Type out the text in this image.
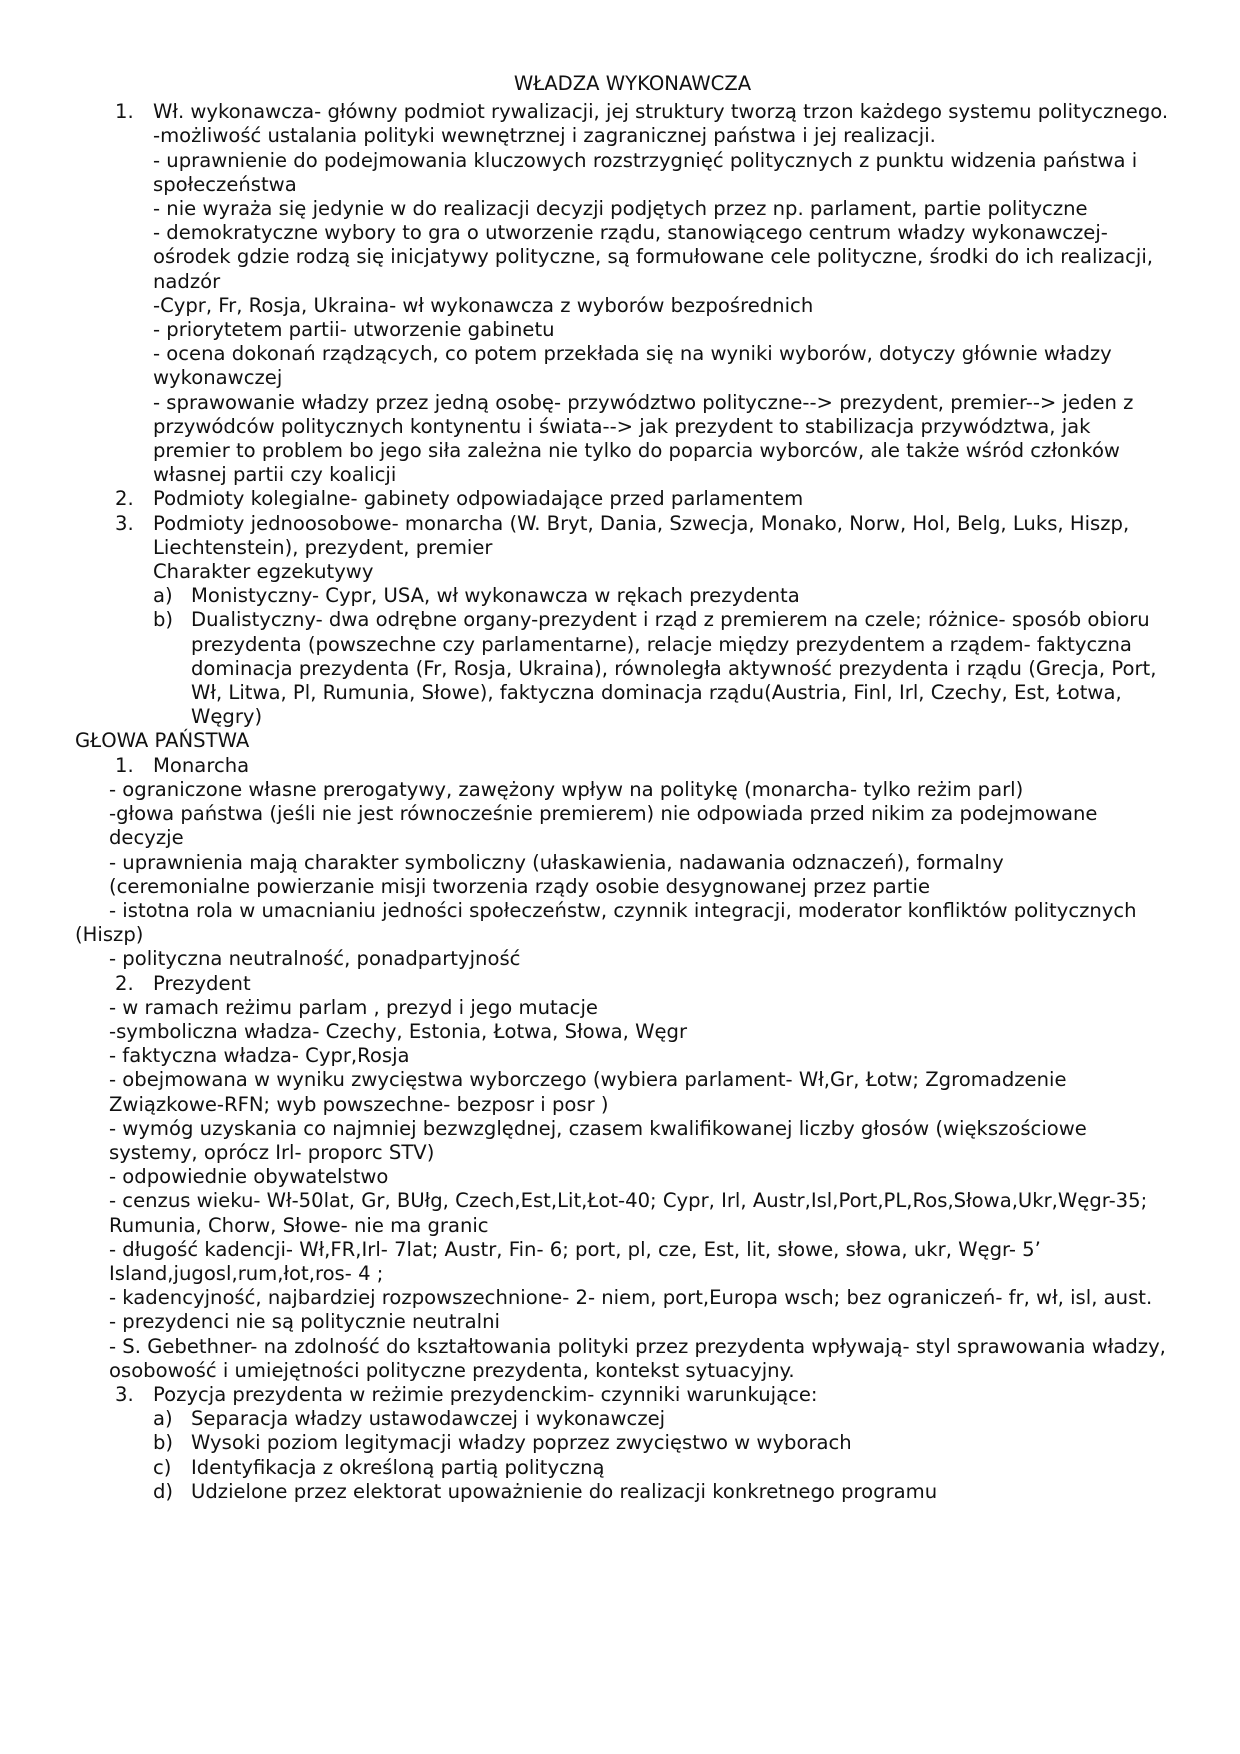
WŁADZA WYKONAWCZA
1. Wł. wykonawcza- główny podmiot rywalizacji, jej struktury tworzą trzon każdego systemu politycznego.

-możliwość ustalania polityki wewnętrznej i zagranicznej państwa i jej realizacji.

- uprawnienie do podejmowania kluczowych rozstrzygnięć politycznych z punktu widzenia państwa i społeczeństwa

- nie wyraża się jedynie w do realizacji decyzji podjętych przez np. parlament, partie polityczne

- demokratyczne wybory to gra o utworzenie rządu, stanowiącego centrum władzy wykonawczej- ośrodek gdzie rodzą się inicjatywy polityczne, są formułowane cele polityczne, środki do ich realizacji, nadzór

-Cypr, Fr, Rosja, Ukraina- wł wykonawcza z wyborów bezpośrednich

- priorytetem partii- utworzenie gabinetu

- ocena dokonań rządzących, co potem przekłada się na wyniki wyborów, dotyczy głównie władzy wykonawczej

- sprawowanie władzy przez jedną osobę- przywództwo polityczne--> prezydent, premier--> jeden z przywódców politycznych kontynentu i świata--> jak prezydent to stabilizacja przywództwa, jak premier to problem bo jego siła zależna nie tylko do poparcia wyborców, ale także wśród członków własnej partii czy koalicji

2. Podmioty kolegialne- gabinety odpowiadające przed parlamentem
3. Podmioty jednoosobowe- monarcha (W. Bryt, Dania, Szwecja, Monako, Norw, Hol, Belg, Luks, Hiszp, Liechtenstein), prezydent, premier

Charakter egzekutywy

a) Monistyczny- Cypr, USA, wł wykonawcza w rękach prezydenta
b) Dualistyczny- dwa odrębne organy-prezydent i rząd z premierem na czele; różnice- sposób obioru prezydenta (powszechne czy parlamentarne), relacje między prezydentem a rządem- faktyczna dominacja prezydenta (Fr, Rosja, Ukraina), równoległa aktywność prezydenta i rządu (Grecja, Port, Wł, Litwa, Pl, Rumunia, Słowe), faktyczna dominacja rządu(Austria, Finl, Irl, Czechy, Est, Łotwa, Węgry)

GŁOWA PAŃSTWA

1. Monarcha

- ograniczone własne prerogatywy, zawężony wpływ na politykę (monarcha- tylko reżim parl)

-głowa państwa (jeśli nie jest równocześnie premierem) nie odpowiada przed nikim za podejmowane decyzje

- uprawnienia mają charakter symboliczny (ułaskawienia, nadawania odznaczeń), formalny

(ceremonialne powierzanie misji tworzenia rządy osobie desygnowanej przez partie

- istotna rola w umacnianiu jedności społeczeństw, czynnik integracji, moderator konfliktów politycznych (Hiszp)

- polityczna neutralność, ponadpartyjność

2. Prezydent

- w ramach reżimu parlam , prezyd i jego mutacje

-symboliczna władza- Czechy, Estonia, Łotwa, Słowa, Węgr

- faktyczna władza- Cypr,Rosja

- obejmowana w wyniku zwycięstwa wyborczego (wybiera parlament- Wł,Gr, Łotw; Zgromadzenie Związkowe-RFN; wyb powszechne- bezposr i posr )

- wymóg uzyskania co najmniej bezwzględnej, czasem kwalifikowanej liczby głosów (większościowe systemy, oprócz Irl- proporc STV)

- odpowiednie obywatelstwo

- cenzus wieku- Wł-50lat, Gr, BUłg, Czech,Est,Lit,Łot-40; Cypr, Irl, Austr,Isl,Port,PL,Ros,Słowa,Ukr,Węgr-35; Rumunia, Chorw, Słowe- nie ma granic

- długość kadencji- Wł,FR,Irl- 7lat; Austr, Fin- 6; port, pl, cze, Est, lit, słowe, słowa, ukr, Węgr- 5’ Island,jugosl,rum,łot,ros- 4 ;

- kadencyjność, najbardziej rozpowszechnione- 2- niem, port,Europa wsch; bez ograniczeń- fr, wł, isl, aust.

- prezydenci nie są politycznie neutralni

- S. Gebethner- na zdolność do kształtowania polityki przez prezydenta wpływają- styl sprawowania władzy, osobowość i umiejętności polityczne prezydenta, kontekst sytuacyjny.

3. Pozycja prezydenta w reżimie prezydenckim- czynniki warunkujące:
a) Separacja władzy ustawodawczej i wykonawczej
b) Wysoki poziom legitymacji władzy poprzez zwycięstwo w wyborach
c) Identyfikacja z określoną partią polityczną
d) Udzielone przez elektorat upoważnienie do realizacji konkretnego programu
